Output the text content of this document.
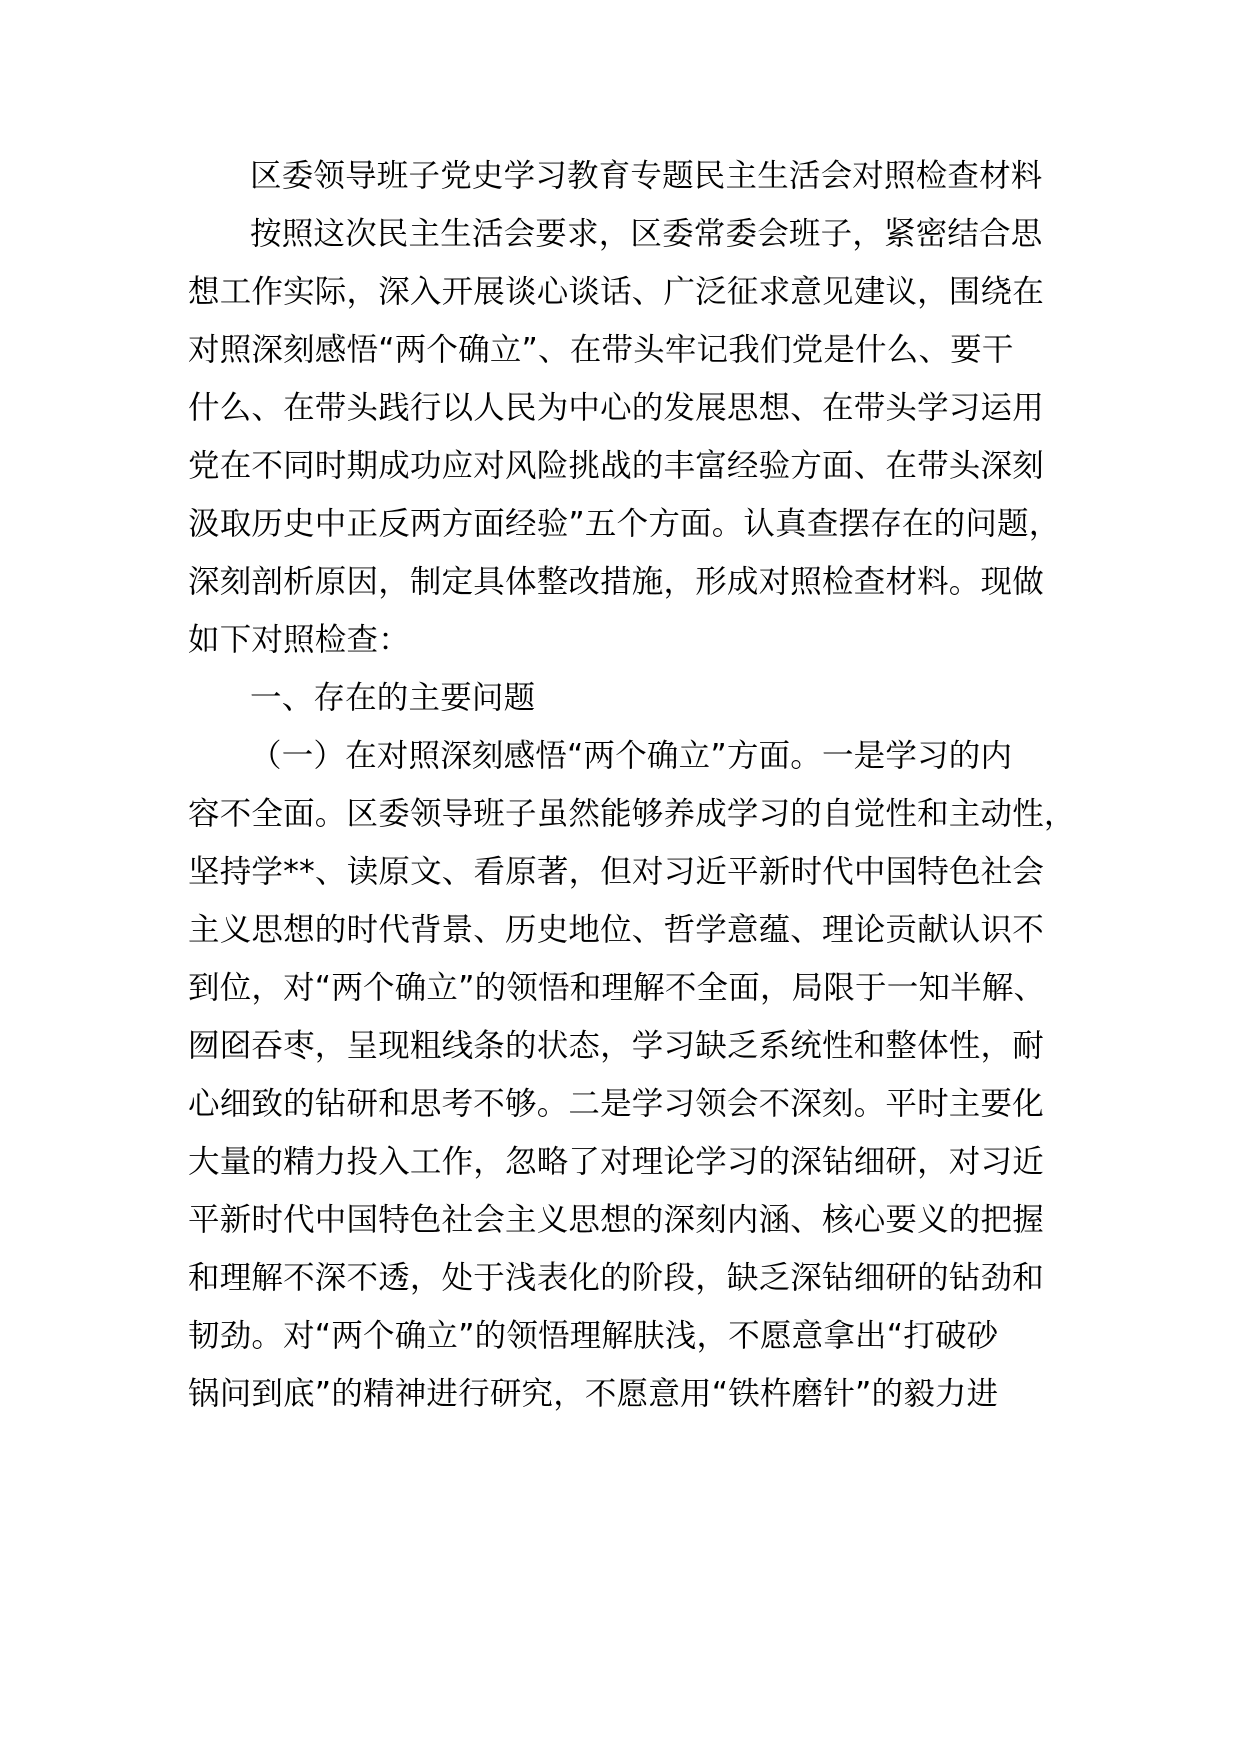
区委领导班子党史学习教育专题民主生活会对照检查材料
按照这次民主生活会要求，区委常委会班子，紧密结合思
想工作实际，深入开展谈心谈话、广泛征求意见建议，围绕在
对照深刻感悟“两个确立”、在带头牢记我们党是什么、要干
什么、在带头践行以人民为中心的发展思想、在带头学习运用
党在不同时期成功应对风险挑战的丰富经验方面、在带头深刻
汲取历史中正反两方面经验”五个方面。认真查摆存在的问题，
深刻剖析原因，制定具体整改措施，形成对照检查材料。现做
如下对照检查：
一、存在的主要问题
（一）在对照深刻感悟“两个确立”方面。一是学习的内
容不全面。区委领导班子虽然能够养成学习的自觉性和主动性，
坚持学**、读原文、看原著，但对习近平新时代中国特色社会
主义思想的时代背景、历史地位、哲学意蕴、理论贡献认识不
到位，对“两个确立”的领悟和理解不全面，局限于一知半解、
囫囵吞枣，呈现粗线条的状态，学习缺乏系统性和整体性，耐
心细致的钻研和思考不够。二是学习领会不深刻。平时主要化
大量的精力投入工作，忽略了对理论学习的深钻细研，对习近
平新时代中国特色社会主义思想的深刻内涵、核心要义的把握
和理解不深不透，处于浅表化的阶段，缺乏深钻细研的钻劲和
韧劲。对“两个确立”的领悟理解肤浅，不愿意拿出“打破砂
锅问到底”的精神进行研究，不愿意用“铁杵磨针”的毅力进
